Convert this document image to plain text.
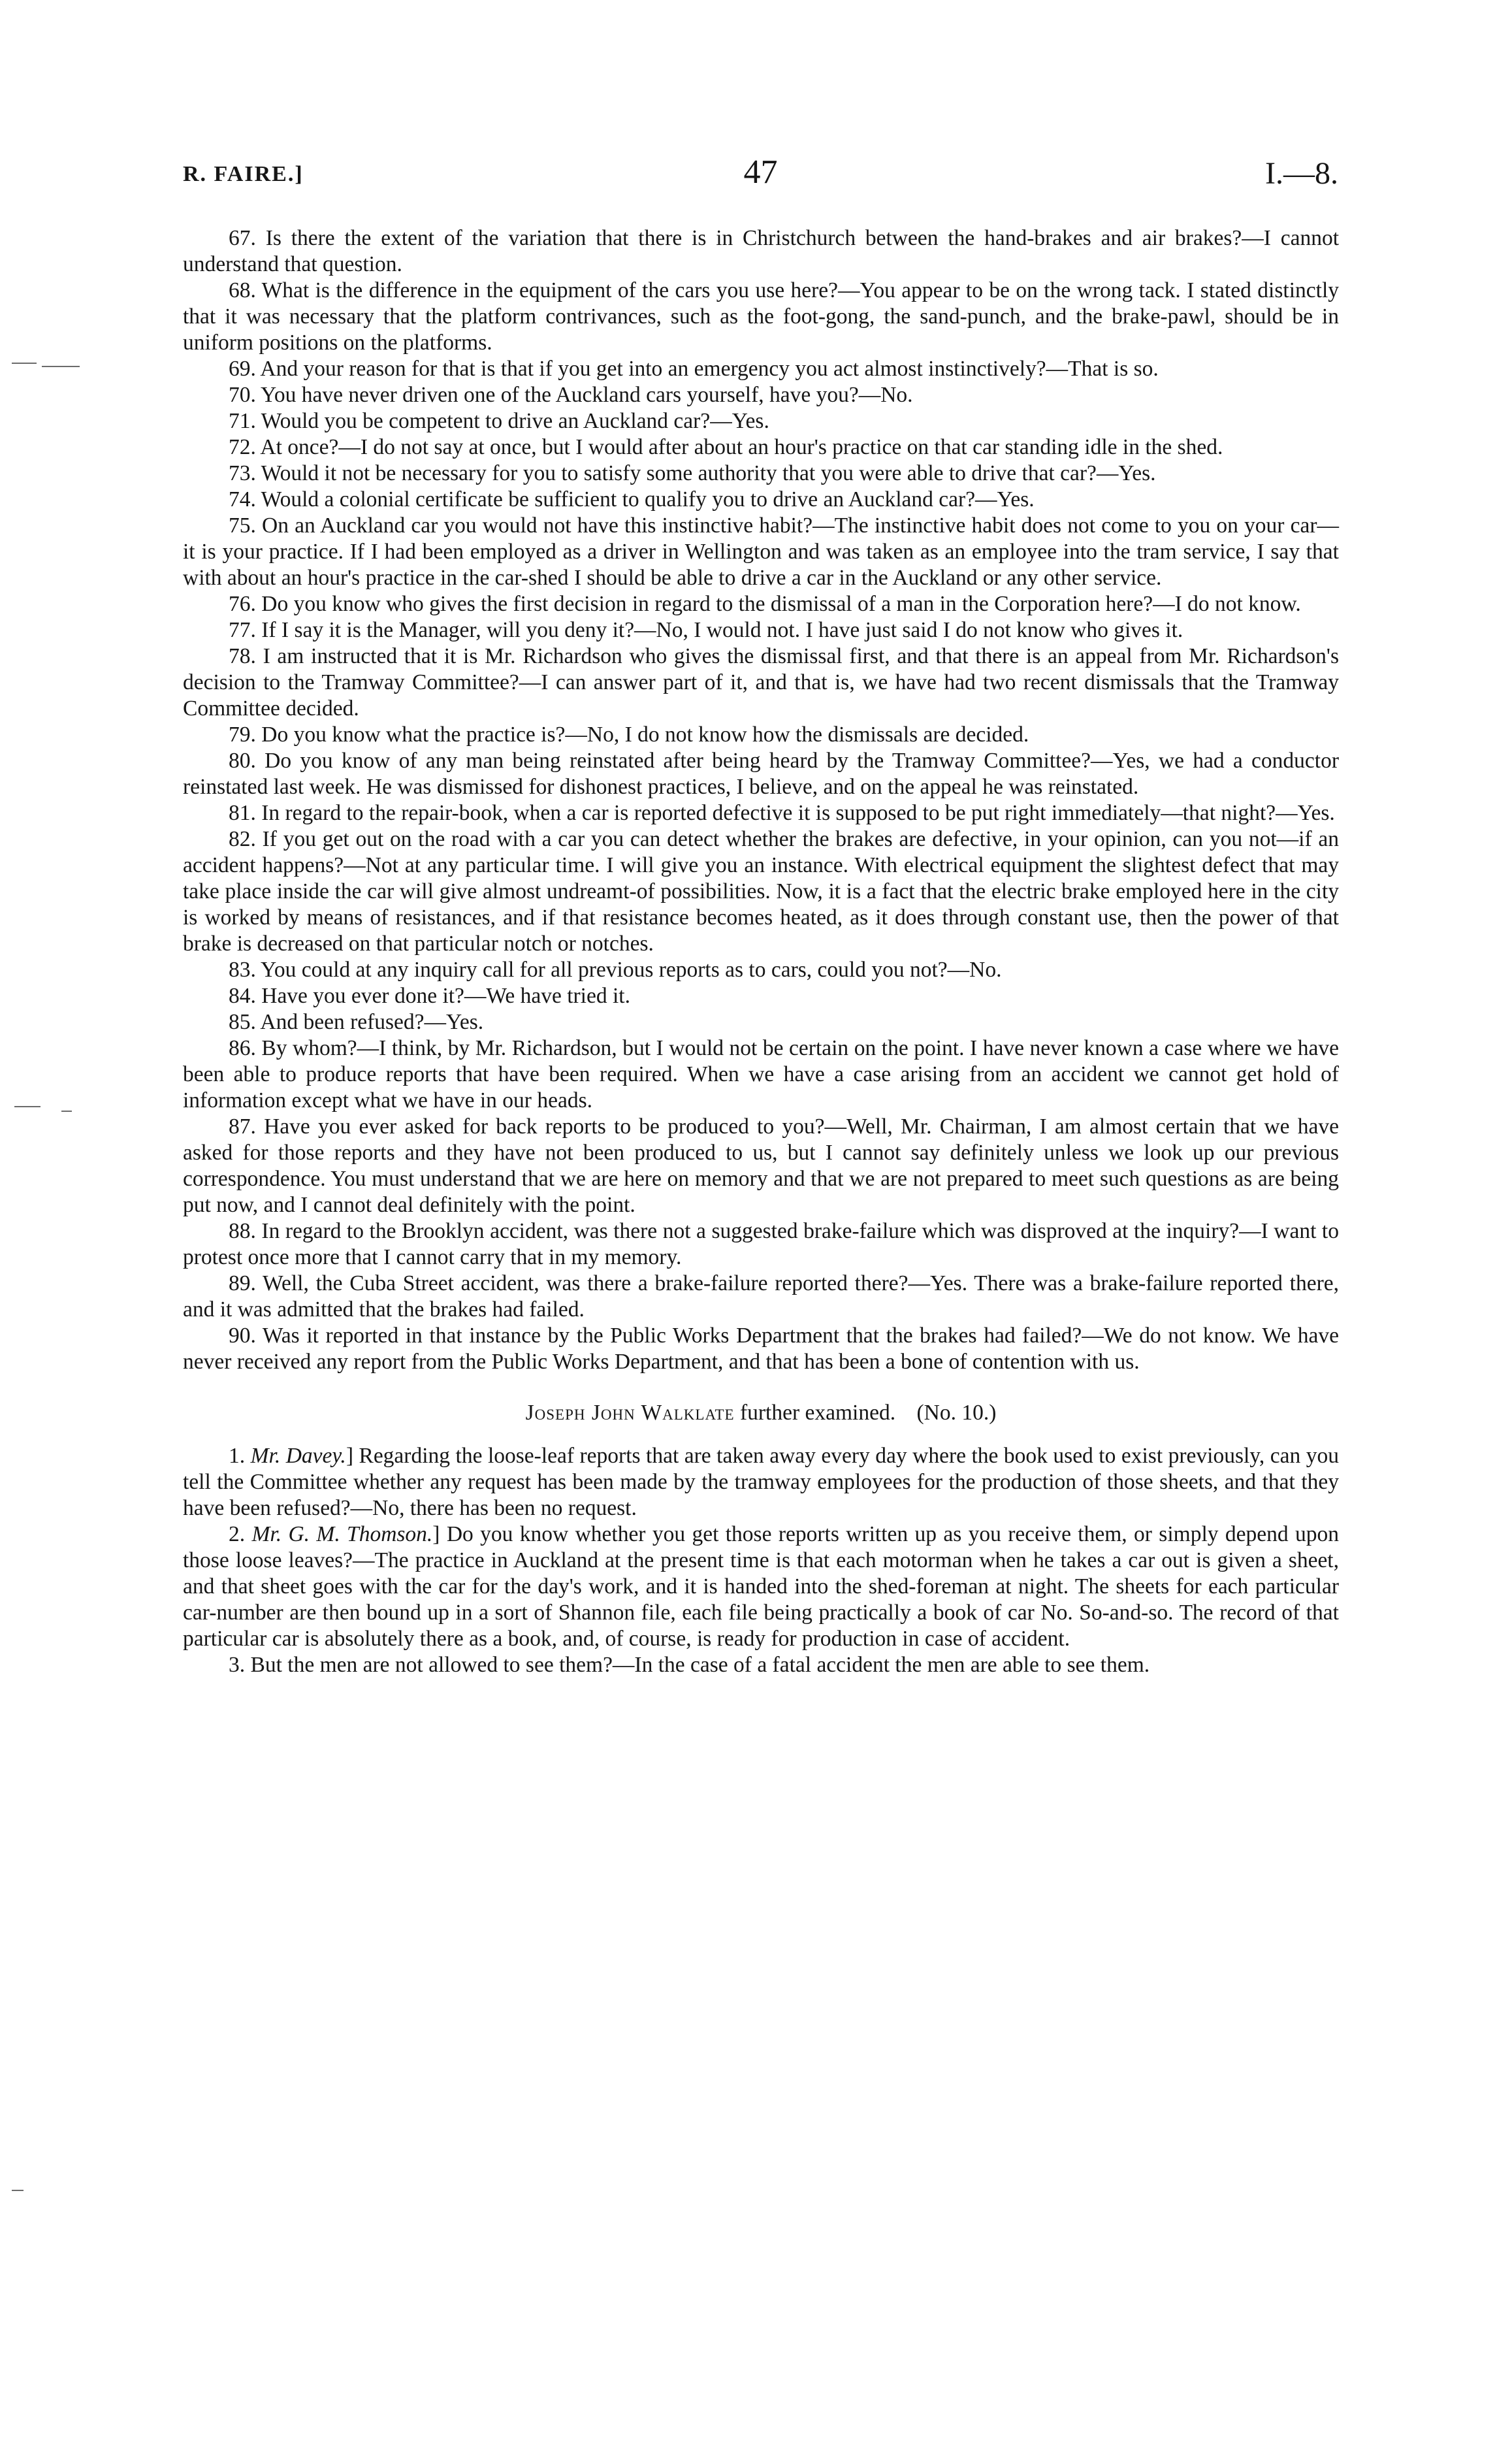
R. FAIRE.]	47	I.—8.

67. Is there the extent of the variation that there is in Christchurch between the hand-brakes and air brakes?—I cannot understand that question.

68. What is the difference in the equipment of the cars you use here?—You appear to be on the wrong tack. I stated distinctly that it was necessary that the platform contrivances, such as the foot-gong, the sand-punch, and the brake-pawl, should be in uniform positions on the platforms.

69. And your reason for that is that if you get into an emergency you act almost instinctively?—That is so.

70. You have never driven one of the Auckland cars yourself, have you?—No.

71. Would you be competent to drive an Auckland car?—Yes.

72. At once?—I do not say at once, but I would after about an hour's practice on that car standing idle in the shed.

73. Would it not be necessary for you to satisfy some authority that you were able to drive that car?—Yes.

74. Would a colonial certificate be sufficient to qualify you to drive an Auckland car?—Yes.

75. On an Auckland car you would not have this instinctive habit?—The instinctive habit does not come to you on your car—it is your practice. If I had been employed as a driver in Wellington and was taken as an employee into the tram service, I say that with about an hour's practice in the car-shed I should be able to drive a car in the Auckland or any other service.

76. Do you know who gives the first decision in regard to the dismissal of a man in the Corporation here?—I do not know.

77. If I say it is the Manager, will you deny it?—No, I would not. I have just said I do not know who gives it.

78. I am instructed that it is Mr. Richardson who gives the dismissal first, and that there is an appeal from Mr. Richardson's decision to the Tramway Committee?—I can answer part of it, and that is, we have had two recent dismissals that the Tramway Committee decided.

79. Do you know what the practice is?—No, I do not know how the dismissals are decided.

80. Do you know of any man being reinstated after being heard by the Tramway Committee?—Yes, we had a conductor reinstated last week. He was dismissed for dishonest practices, I believe, and on the appeal he was reinstated.

81. In regard to the repair-book, when a car is reported defective it is supposed to be put right immediately—that night?—Yes.

82. If you get out on the road with a car you can detect whether the brakes are defective, in your opinion, can you not—if an accident happens?—Not at any particular time. I will give you an instance. With electrical equipment the slightest defect that may take place inside the car will give almost undreamt-of possibilities. Now, it is a fact that the electric brake employed here in the city is worked by means of resistances, and if that resistance becomes heated, as it does through constant use, then the power of that brake is decreased on that particular notch or notches.

83. You could at any inquiry call for all previous reports as to cars, could you not?—No.

84. Have you ever done it?—We have tried it.

85. And been refused?—Yes.

86. By whom?—I think, by Mr. Richardson, but I would not be certain on the point. I have never known a case where we have been able to produce reports that have been required. When we have a case arising from an accident we cannot get hold of information except what we have in our heads.

87. Have you ever asked for back reports to be produced to you?—Well, Mr. Chairman, I am almost certain that we have asked for those reports and they have not been produced to us, but I cannot say definitely unless we look up our previous correspondence. You must understand that we are here on memory and that we are not prepared to meet such questions as are being put now, and I cannot deal definitely with the point.

88. In regard to the Brooklyn accident, was there not a suggested brake-failure which was disproved at the inquiry?—I want to protest once more that I cannot carry that in my memory.

89. Well, the Cuba Street accident, was there a brake-failure reported there?—Yes. There was a brake-failure reported there, and it was admitted that the brakes had failed.

90. Was it reported in that instance by the Public Works Department that the brakes had failed?—We do not know. We have never received any report from the Public Works Department, and that has been a bone of contention with us.

Joseph John Walklate further examined. (No. 10.)

1. Mr. Davey.] Regarding the loose-leaf reports that are taken away every day where the book used to exist previously, can you tell the Committee whether any request has been made by the tramway employees for the production of those sheets, and that they have been refused?—No, there has been no request.

2. Mr. G. M. Thomson.] Do you know whether you get those reports written up as you receive them, or simply depend upon those loose leaves?—The practice in Auckland at the present time is that each motorman when he takes a car out is given a sheet, and that sheet goes with the car for the day's work, and it is handed into the shed-foreman at night. The sheets for each particular car-number are then bound up in a sort of Shannon file, each file being practically a book of car No. So-and-so. The record of that particular car is absolutely there as a book, and, of course, is ready for production in case of accident.

3. But the men are not allowed to see them?—In the case of a fatal accident the men are able to see them.
